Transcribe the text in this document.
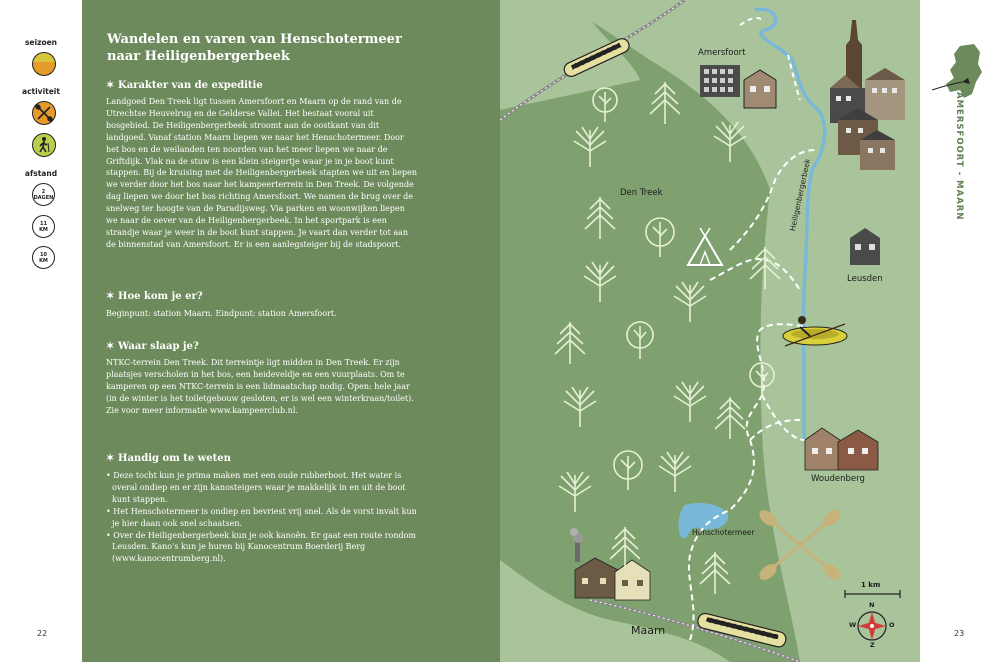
seizoen
activiteit
afstand
2
DAGEN
11
KM
10
KM
22
Wandelen en varen van Henschotermeer naar Heiligenbergerbeek
✶ Karakter van de expeditie

Landgoed Den Treek ligt tussen Amersfoort en Maarn op de rand van de Utrechtse Heuvelrug en de Gelderse Vallei. Het bestaat vooral uit bosgebied. De Heiligenbergerbeek stroomt aan de oostkant van dit landgoed. Vanaf station Maarn liepen we naar het Henschotermeer. Door het bos en de weilanden ten noorden van het meer liepen we naar de Griftdijk. Vlak na de stuw is een klein steigertje waar je in je boot kunt stappen. Bij de kruising met de Heiligenbergerbeek stapten we uit en liepen we verder door het bos naar het kampeerterrein in Den Treek. De volgende dag liepen we door het bos richting Amersfoort. We namen de brug over de snelweg ter hoogte van de Paradijsweg. Via parken en woonwijken liepen we naar de oever van de Heiligenbergerbeek. In het sportpark is een strandje waar je weer in de boot kunt stappen. Je vaart dan verder tot aan de binnenstad van Amersfoort. Er is een aanlegsteiger bij de stadspoort.

✶ Hoe kom je er?

Beginpunt: station Maarn. Eindpunt: station Amersfoort.

✶ Waar slaap je?

NTKC-terrein Den Treek. Dit terreintje ligt midden in Den Treek. Er zijn plaatsjes verscholen in het bos, een heideveldje en een vuurplaats. Om te kamperen op een NTKC-terrein is een lidmaatschap nodig. Open: hele jaar (in de winter is het toiletgebouw gesloten, er is wel een winterkraan/toilet). Zie voor meer informatie www.kampeerclub.nl.

✶ Handig om te weten
• Deze tocht kun je prima maken met een oude rubberboot. Het water is overal ondiep en er zijn kanosteigers waar je makkelijk in en uit de boot kunt stappen.
• Het Henschotermeer is ondiep en bevriest vrij snel. Als de vorst invalt kun je hier daan ook snel schaatsen.
• Over de Heiligenbergerbeek kun je ook kanoën. Er gaat een route rondom Leusden. Kano's kun je huren bij Kanocentrum Boerderij Berg (www.kanocentrumberg.nl).
Amersfoort
Den Treek
Leusden
Woudenberg
Henschotermeer
Maarn
Heiligenbergerbeek
1 km
N
O
Z
W
23
AMERSFOORT - MAARN
